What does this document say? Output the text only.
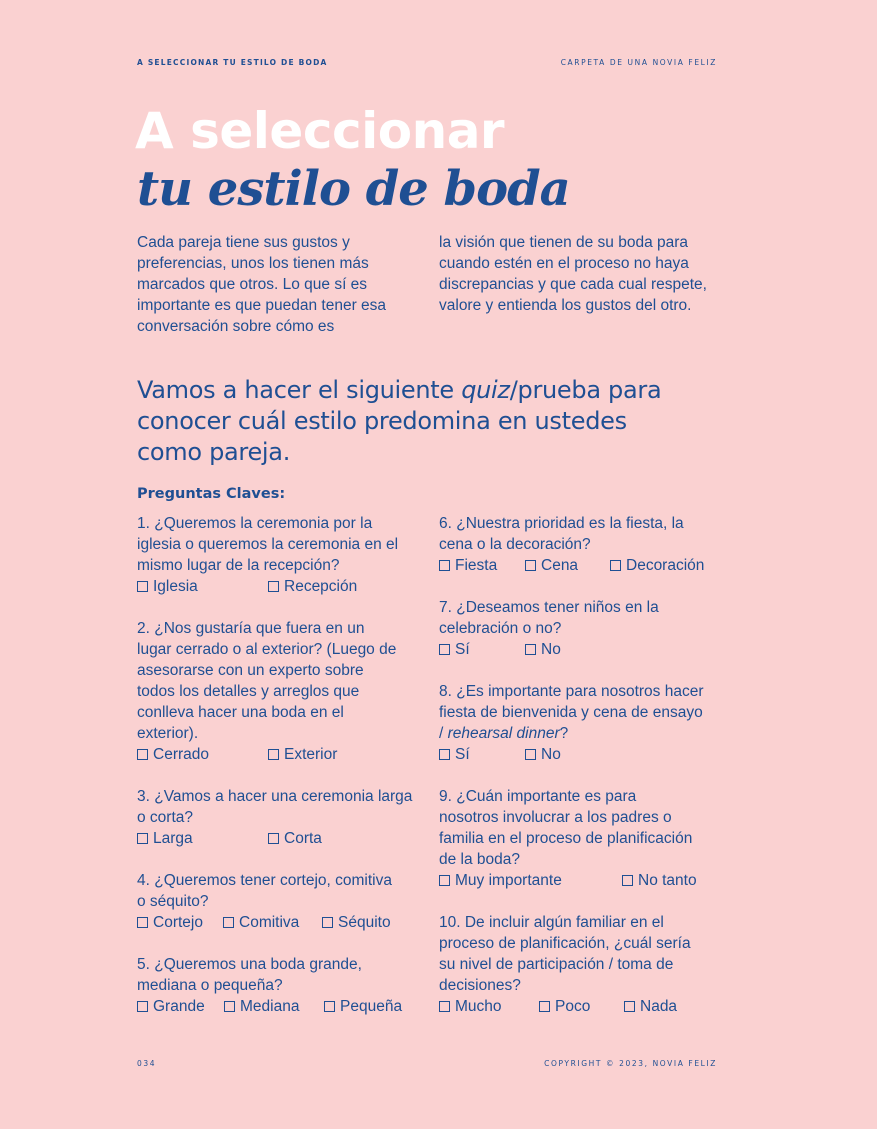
A SELECCIONAR TU ESTILO DE BODA	CARPETA DE UNA NOVIA FELIZ
A seleccionar
tu estilo de boda

Cada pareja tiene sus gustos y preferencias, unos los tienen más marcados que otros. Lo que sí es importante es que puedan tener esa conversación sobre cómo es

la visión que tienen de su boda para cuando estén en el proceso no haya discrepancias y que cada cual respete, valore y entienda los gustos del otro.

Vamos a hacer el siguiente quiz/prueba para conocer cuál estilo predomina en ustedes como pareja.
Preguntas Claves:

1. ¿Queremos la ceremonia por la iglesia o queremos la ceremonia en el mismo lugar de la recepción?

Iglesia	Recepción

2. ¿Nos gustaría que fuera en un lugar cerrado o al exterior? (Luego de asesorarse con un experto sobre todos los detalles y arreglos que conlleva hacer una boda en el exterior).

Cerrado	Exterior

3. ¿Vamos a hacer una ceremonia larga o corta?

Larga	Corta

4. ¿Queremos tener cortejo, comitiva o séquito?

Cortejo Comitiva Séquito

5. ¿Queremos una boda grande, mediana o pequeña?

Grande Mediana	Pequeña

6. ¿Nuestra prioridad es la fiesta, la cena o la decoración?

Fiesta	Cena	Decoración

7. ¿Deseamos tener niños en la celebración o no?

Sí	No

8. ¿Es importante para nosotros hacer fiesta de bienvenida y cena de ensayo / rehearsal dinner?

Sí	No

9. ¿Cuán importante es para nosotros involucrar a los padres o familia en el proceso de planificación de la boda?

Muy importante	No tanto

10. De incluir algún familiar en el proceso de planificación, ¿cuál sería su nivel de participación / toma de decisiones?

Mucho	Poco	Nada
034	COPYRIGHT © 2023, NOVIA FELIZ
